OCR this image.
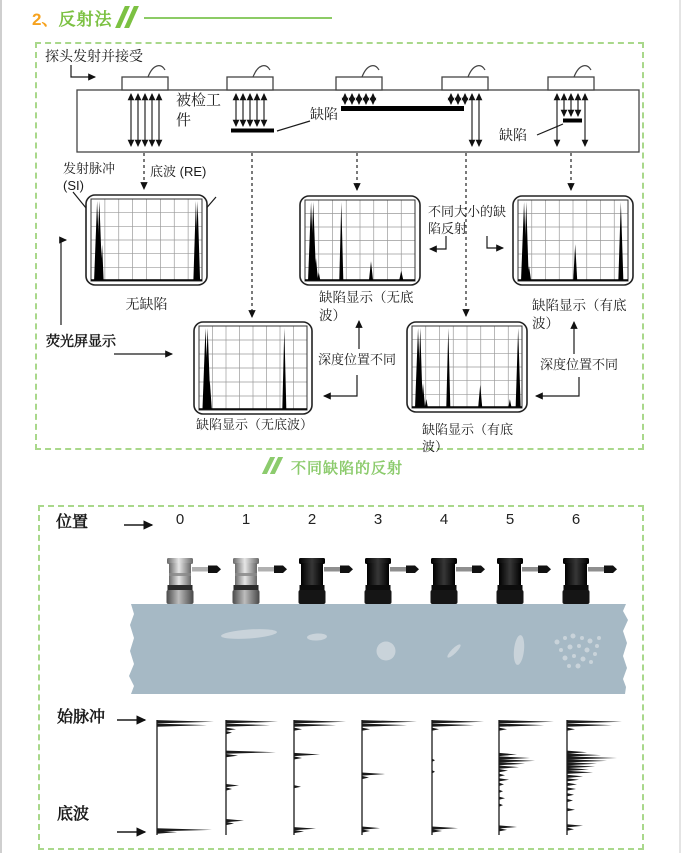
2、 反射法
探头发射并接受
被检工件	缺陷
缺陷
发射脉冲(SI)
底波 (RE)
不同大小的缺陷反射
荧光屏显示
深度位置不同	深度位置不同
无缺陷	缺陷显示（无底波）
缺陷显示（有底波）
缺陷显示（无底波）	缺陷显示（有底波）
不同缺陷的反射
位置	0	1	2	3	4	5	6
始脉冲
底波
